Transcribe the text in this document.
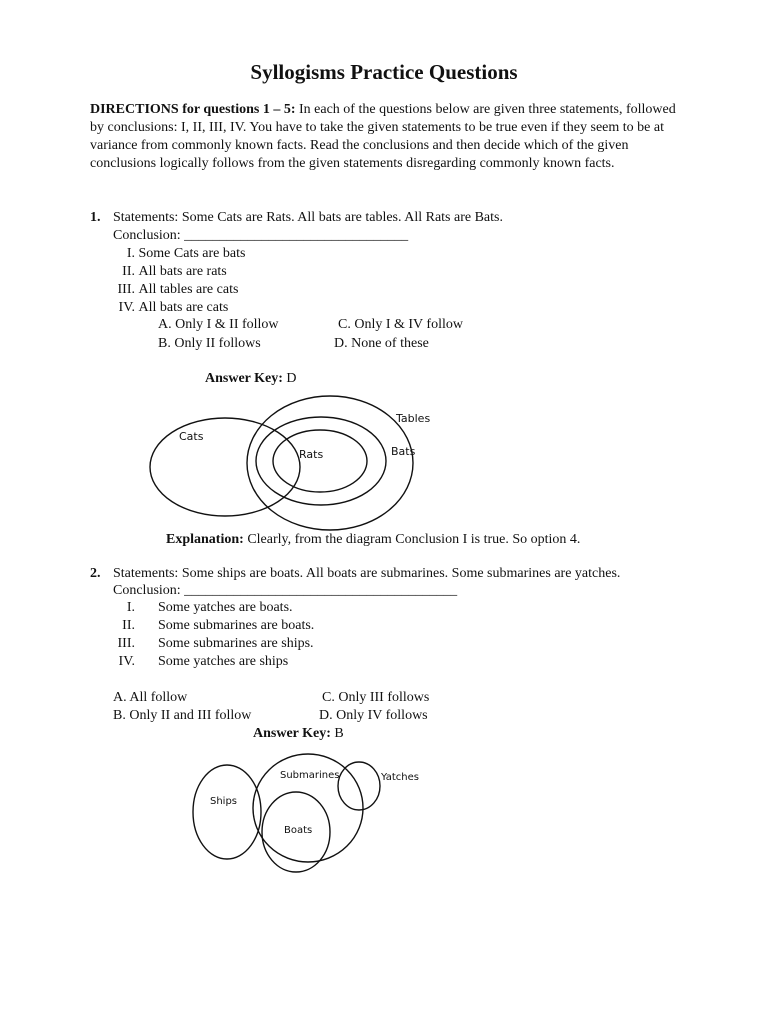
Syllogisms Practice Questions
DIRECTIONS for questions 1 – 5: In each of the questions below are given three statements, followed by conclusions: I, II, III, IV. You have to take the given statements to be true even if they seem to be at variance from commonly known facts. Read the conclusions and then decide which of the given conclusions logically follows from the given statements disregarding commonly known facts.
1. Statements: Some Cats are Rats. All bats are tables. All Rats are Bats.
Conclusion: ________________________________
I. Some Cats are bats
II. All bats are rats
III. All tables are cats
IV. All bats are cats
A. Only I & II follow	C. Only I & IV follow
B. Only II follows	D. None of these
Answer Key: D
Cats
Tables
Rats	Bats
Explanation: Clearly, from the diagram Conclusion I is true. So option 4.
2. Statements: Some ships are boats. All boats are submarines. Some submarines are yatches.
Conclusion: _______________________________________
I. Some yatches are boats.
II. Some submarines are boats.
III. Some submarines are ships.
IV. Some yatches are ships
A. All follow	C. Only III follows
B. Only II and III follow	D. Only IV follows
Answer Key: B
Submarines	Yatches
Ships
Boats
